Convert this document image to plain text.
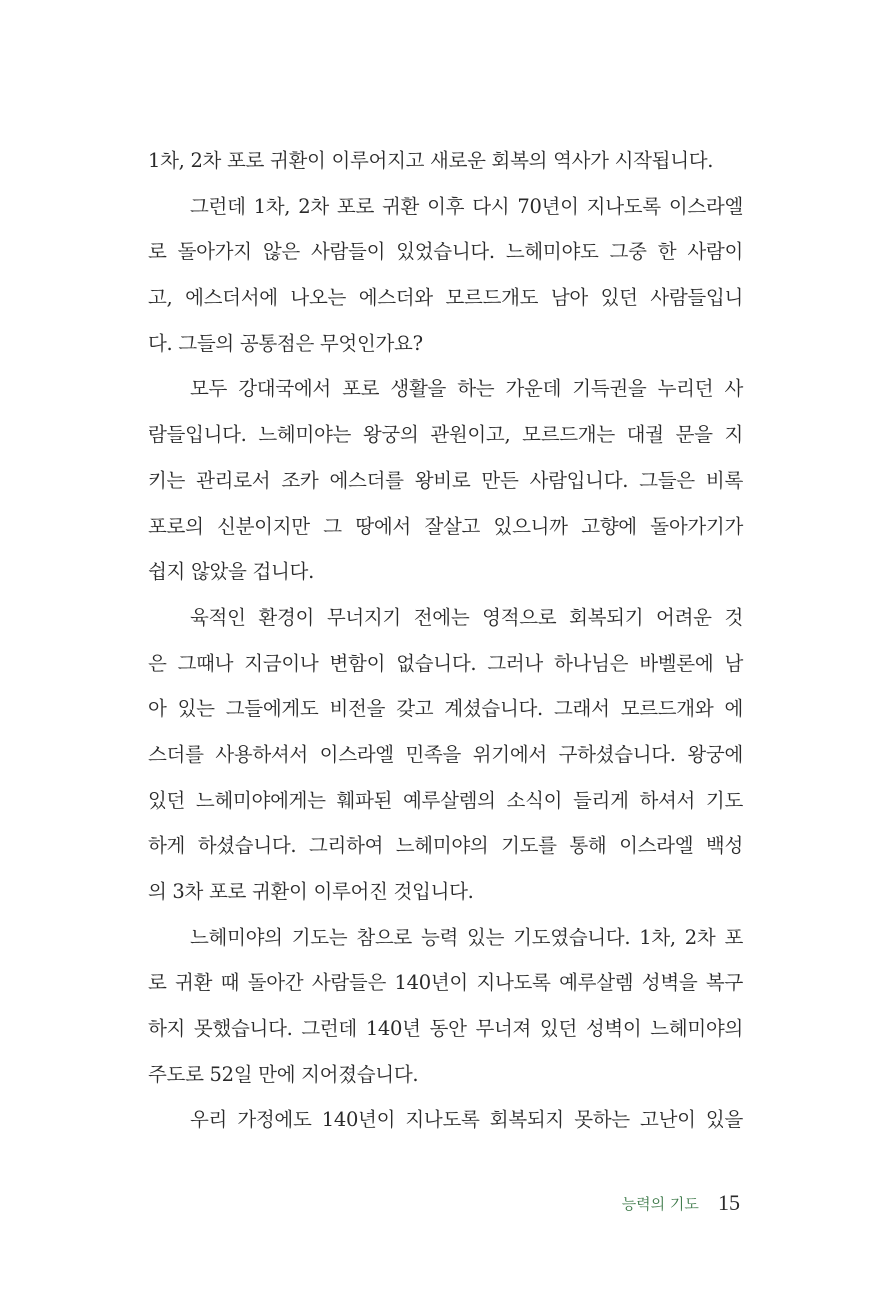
1차, 2차 포로 귀환이 이루어지고 새로운 회복의 역사가 시작됩니다.
그런데 1차, 2차 포로 귀환 이후 다시 70년이 지나도록 이스라엘
로 돌아가지 않은 사람들이 있었습니다. 느헤미야도 그중 한 사람이
고, 에스더서에 나오는 에스더와 모르드개도 남아 있던 사람들입니
다. 그들의 공통점은 무엇인가요?
모두 강대국에서 포로 생활을 하는 가운데 기득권을 누리던 사
람들입니다. 느헤미야는 왕궁의 관원이고, 모르드개는 대궐 문을 지
키는 관리로서 조카 에스더를 왕비로 만든 사람입니다. 그들은 비록
포로의 신분이지만 그 땅에서 잘살고 있으니까 고향에 돌아가기가
쉽지 않았을 겁니다.
육적인 환경이 무너지기 전에는 영적으로 회복되기 어려운 것
은 그때나 지금이나 변함이 없습니다. 그러나 하나님은 바벨론에 남
아 있는 그들에게도 비전을 갖고 계셨습니다. 그래서 모르드개와 에
스더를 사용하셔서 이스라엘 민족을 위기에서 구하셨습니다. 왕궁에
있던 느헤미야에게는 훼파된 예루살렘의 소식이 들리게 하셔서 기도
하게 하셨습니다. 그리하여 느헤미야의 기도를 통해 이스라엘 백성
의 3차 포로 귀환이 이루어진 것입니다.
느헤미야의 기도는 참으로 능력 있는 기도였습니다. 1차, 2차 포
로 귀환 때 돌아간 사람들은 140년이 지나도록 예루살렘 성벽을 복구
하지 못했습니다. 그런데 140년 동안 무너져 있던 성벽이 느헤미야의
주도로 52일 만에 지어졌습니다.
우리 가정에도 140년이 지나도록 회복되지 못하는 고난이 있을
능력의 기도 15
